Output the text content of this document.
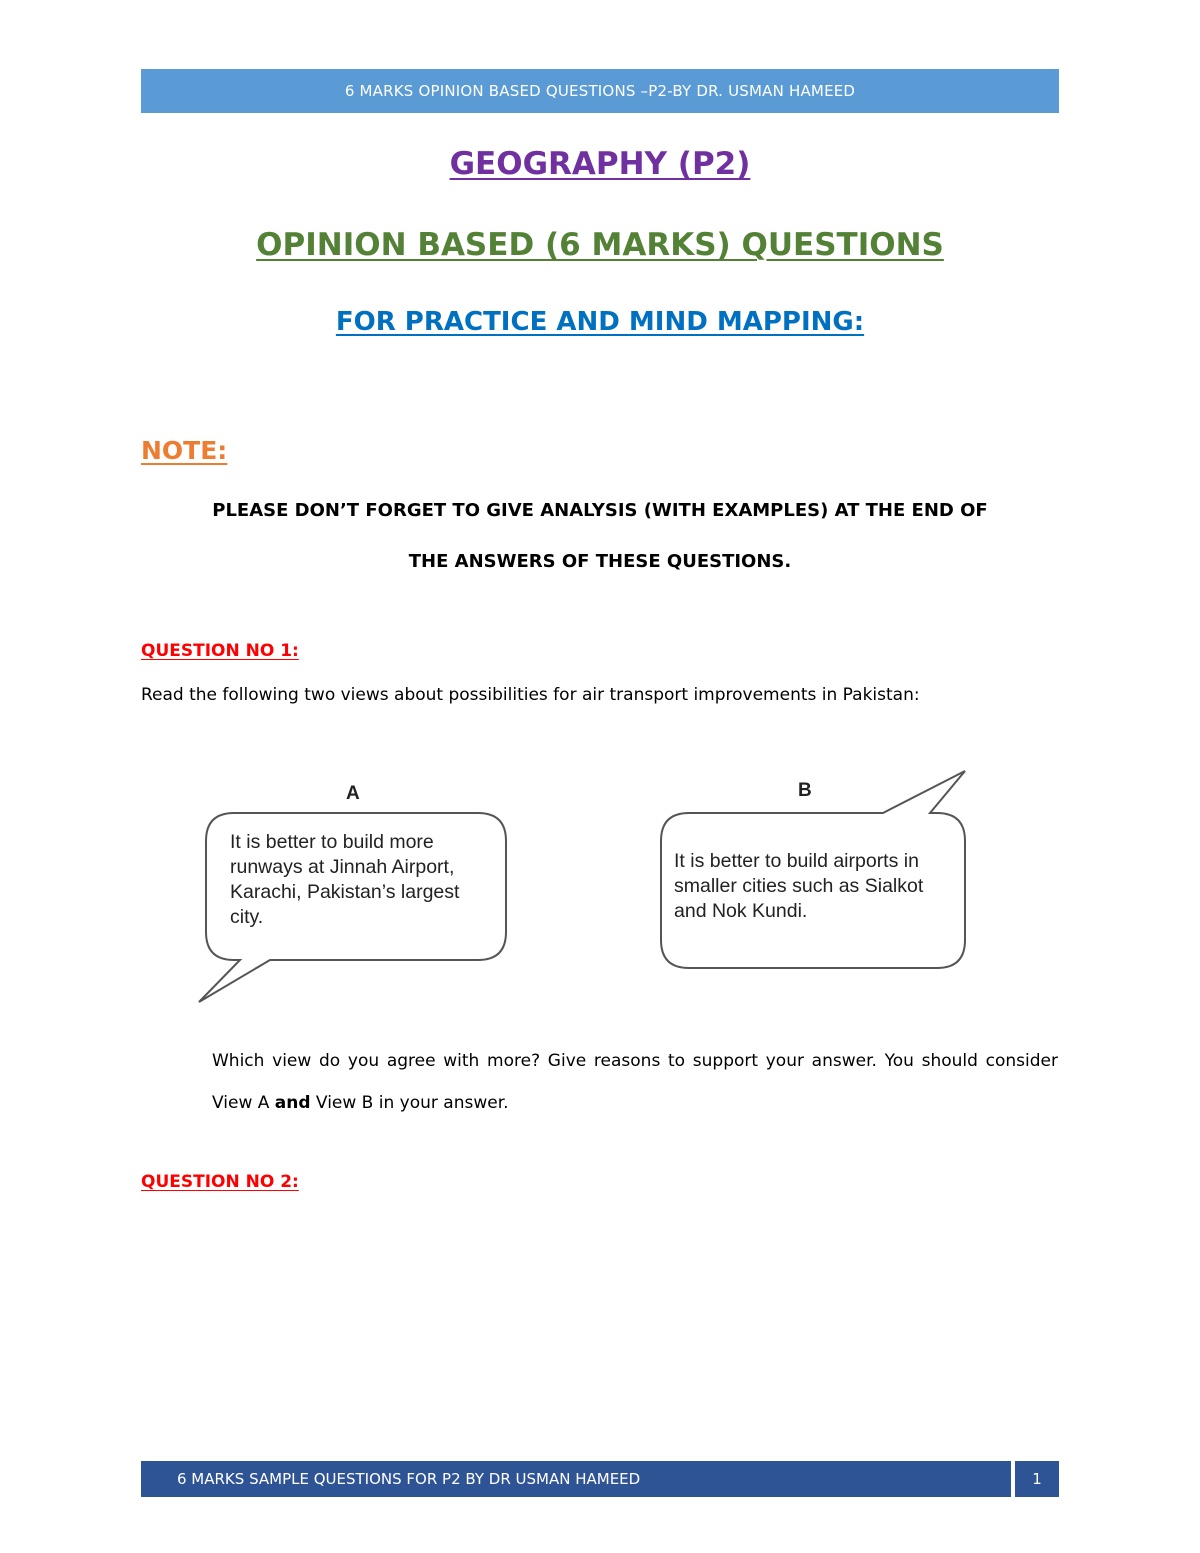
6 MARKS OPINION BASED QUESTIONS –P2-BY DR. USMAN HAMEED
GEOGRAPHY (P2)
OPINION BASED (6 MARKS) QUESTIONS
FOR PRACTICE AND MIND MAPPING:
NOTE:
PLEASE DON’T FORGET TO GIVE ANALYSIS (WITH EXAMPLES) AT THE END OF
THE ANSWERS OF THESE QUESTIONS.
QUESTION NO 1:
Read the following two views about possibilities for air transport improvements in Pakistan:
A	B
It is better to build more
runways at Jinnah Airport,
Karachi, Pakistan’s largest
city.
It is better to build airports in
smaller cities such as Sialkot
and Nok Kundi.
Which view do you agree with more? Give reasons to support your answer. You should consider View A and View B in your answer.
QUESTION NO 2:
6 MARKS SAMPLE QUESTIONS FOR P2 BY DR USMAN HAMEED	1
